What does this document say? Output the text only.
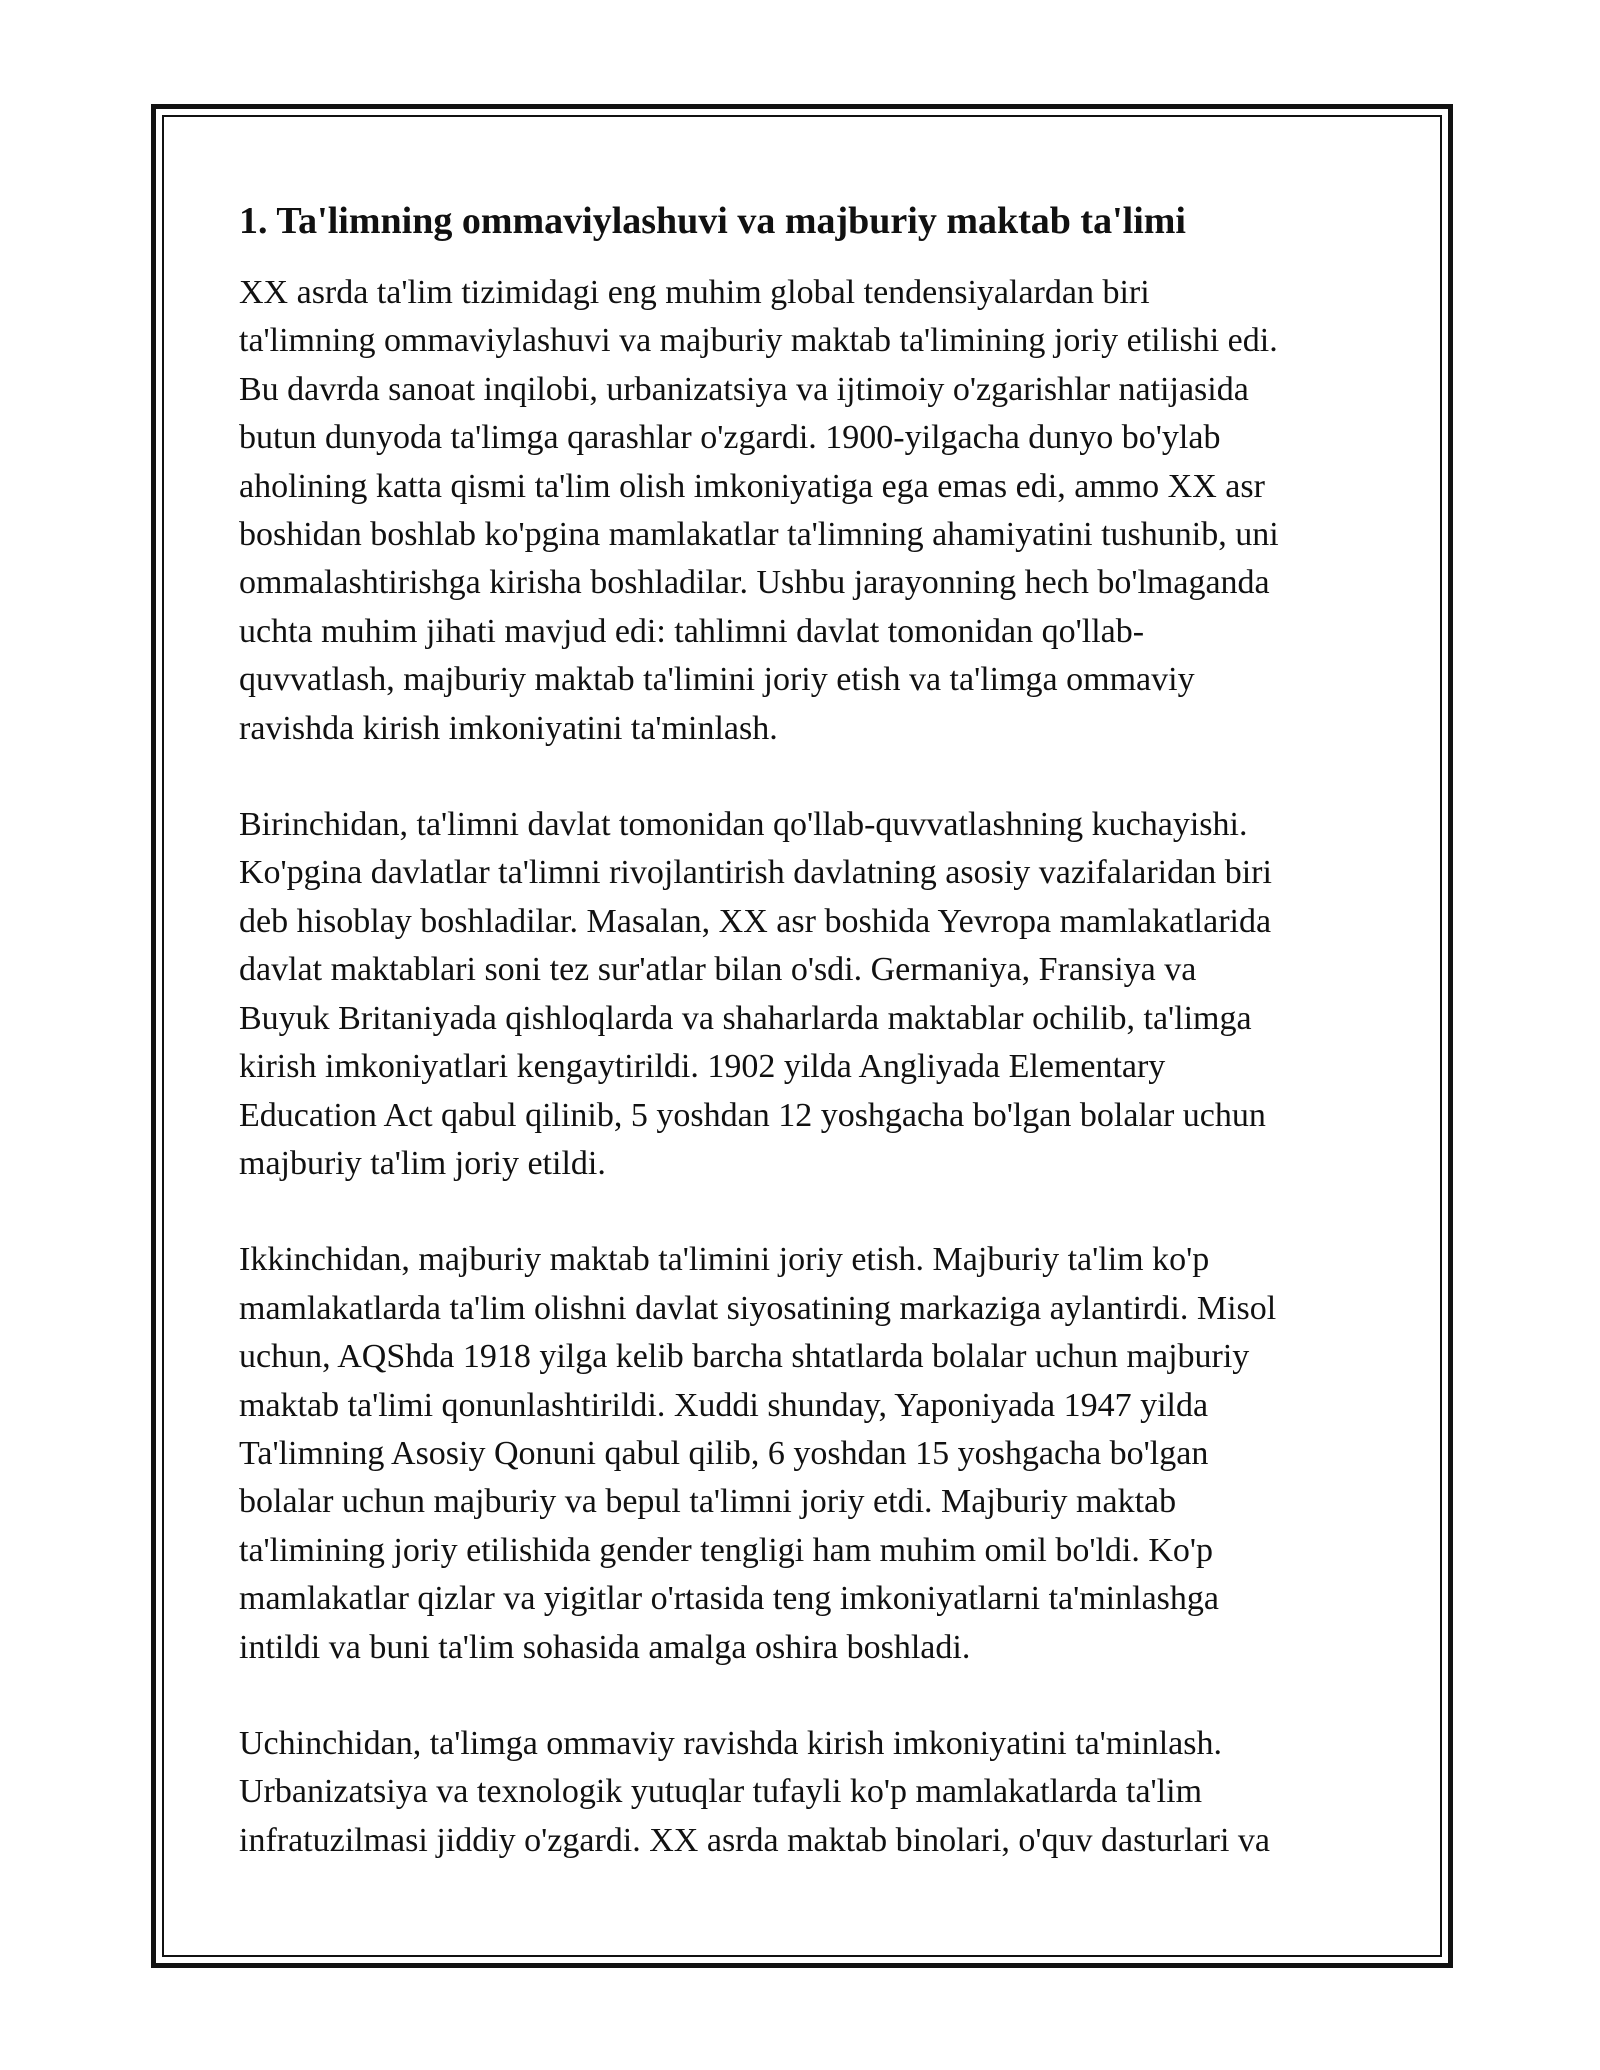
1. Ta'limning ommaviylashuvi va majburiy maktab ta'limi

XX asrda ta'lim tizimidagi eng muhim global tendensiyalardan biri
ta'limning ommaviylashuvi va majburiy maktab ta'limining joriy etilishi edi.
Bu davrda sanoat inqilobi, urbanizatsiya va ijtimoiy o'zgarishlar natijasida
butun dunyoda ta'limga qarashlar o'zgardi. 1900-yilgacha dunyo bo'ylab
aholining katta qismi ta'lim olish imkoniyatiga ega emas edi, ammo XX asr
boshidan boshlab ko'pgina mamlakatlar ta'limning ahamiyatini tushunib, uni
ommalashtirishga kirisha boshladilar. Ushbu jarayonning hech bo'lmaganda
uchta muhim jihati mavjud edi: tahlimni davlat tomonidan qo'llab-
quvvatlash, majburiy maktab ta'limini joriy etish va ta'limga ommaviy
ravishda kirish imkoniyatini ta'minlash.

Birinchidan, ta'limni davlat tomonidan qo'llab-quvvatlashning kuchayishi.
Ko'pgina davlatlar ta'limni rivojlantirish davlatning asosiy vazifalaridan biri
deb hisoblay boshladilar. Masalan, XX asr boshida Yevropa mamlakatlarida
davlat maktablari soni tez sur'atlar bilan o'sdi. Germaniya, Fransiya va
Buyuk Britaniyada qishloqlarda va shaharlarda maktablar ochilib, ta'limga
kirish imkoniyatlari kengaytirildi. 1902 yilda Angliyada Elementary
Education Act qabul qilinib, 5 yoshdan 12 yoshgacha bo'lgan bolalar uchun
majburiy ta'lim joriy etildi.

Ikkinchidan, majburiy maktab ta'limini joriy etish. Majburiy ta'lim ko'p
mamlakatlarda ta'lim olishni davlat siyosatining markaziga aylantirdi. Misol
uchun, AQShda 1918 yilga kelib barcha shtatlarda bolalar uchun majburiy
maktab ta'limi qonunlashtirildi. Xuddi shunday, Yaponiyada 1947 yilda
Ta'limning Asosiy Qonuni qabul qilib, 6 yoshdan 15 yoshgacha bo'lgan
bolalar uchun majburiy va bepul ta'limni joriy etdi. Majburiy maktab
ta'limining joriy etilishida gender tengligi ham muhim omil bo'ldi. Ko'p
mamlakatlar qizlar va yigitlar o'rtasida teng imkoniyatlarni ta'minlashga
intildi va buni ta'lim sohasida amalga oshira boshladi.

Uchinchidan, ta'limga ommaviy ravishda kirish imkoniyatini ta'minlash.
Urbanizatsiya va texnologik yutuqlar tufayli ko'p mamlakatlarda ta'lim
infratuzilmasi jiddiy o'zgardi. XX asrda maktab binolari, o'quv dasturlari va
